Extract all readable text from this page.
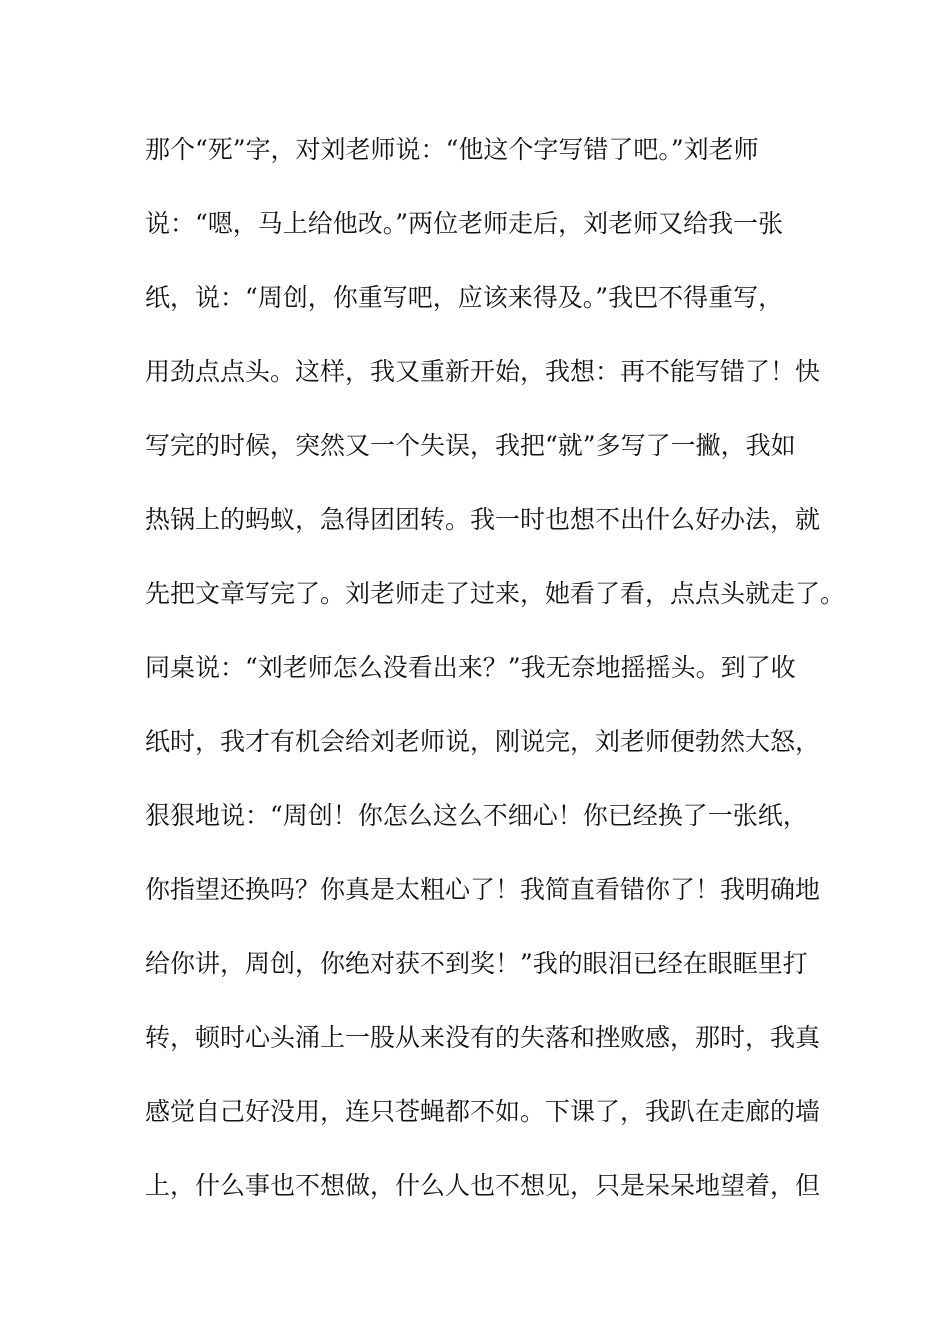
那个“死”字，对刘老师说：“他这个字写错了吧。”刘老师
说：“嗯，马上给他改。”两位老师走后，刘老师又给我一张
纸，说：“周创，你重写吧，应该来得及。”我巴不得重写，
用劲点点头。这样，我又重新开始，我想：再不能写错了！快
写完的时候，突然又一个失误，我把“就”多写了一撇，我如
热锅上的蚂蚁，急得团团转。我一时也想不出什么好办法，就
先把文章写完了。刘老师走了过来，她看了看，点点头就走了。
同桌说：“刘老师怎么没看出来？”我无奈地摇摇头。到了收
纸时，我才有机会给刘老师说，刚说完，刘老师便勃然大怒，
狠狠地说：“周创！你怎么这么不细心！你已经换了一张纸，
你指望还换吗？你真是太粗心了！我简直看错你了！我明确地
给你讲，周创，你绝对获不到奖！”我的眼泪已经在眼眶里打
转，顿时心头涌上一股从来没有的失落和挫败感，那时，我真
感觉自己好没用，连只苍蝇都不如。下课了，我趴在走廊的墙
上，什么事也不想做，什么人也不想见，只是呆呆地望着，但
